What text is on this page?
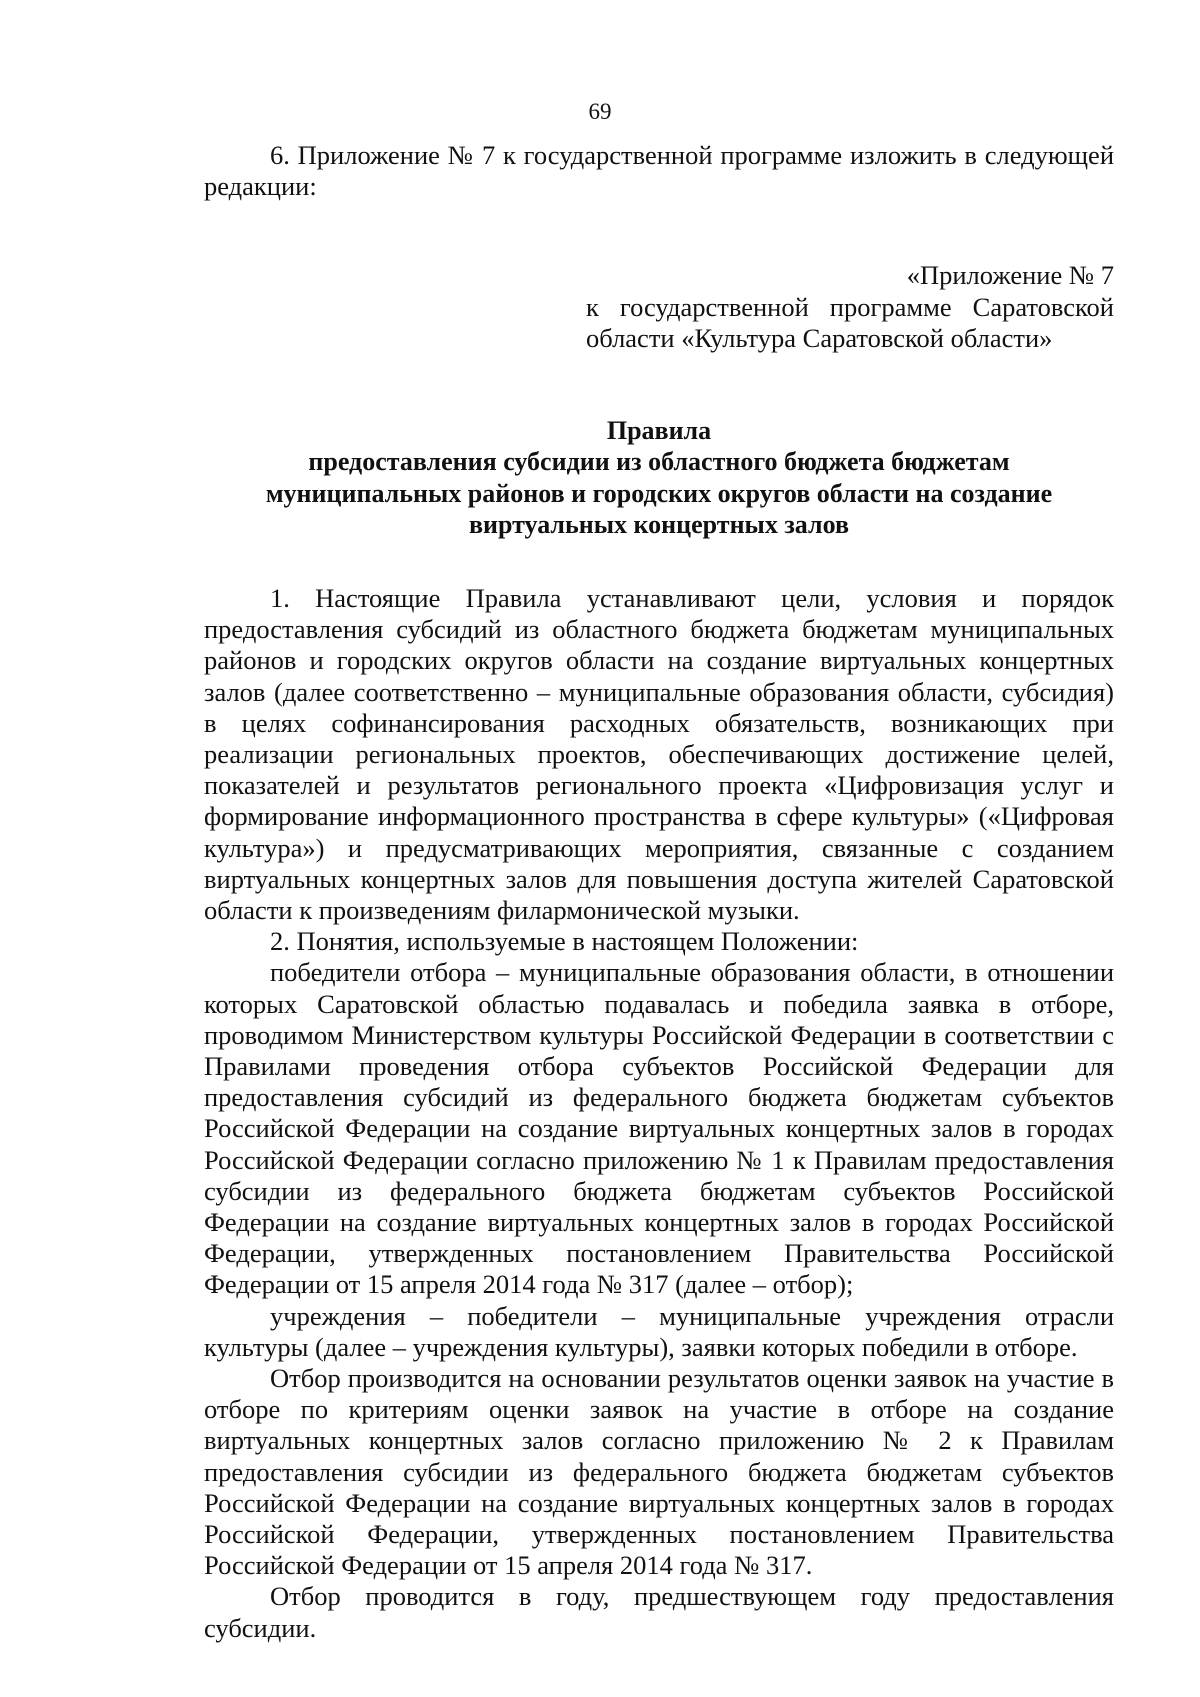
69

6. Приложение № 7 к государственной программе изложить в следующей редакции:

«Приложение № 7
к государственной программе Саратовской области «Культура Саратовской области»
Правила
предоставления субсидии из областного бюджета бюджетам
муниципальных районов и городских округов области на создание
виртуальных концертных залов

1. Настоящие Правила устанавливают цели, условия и порядок предоставления субсидий из областного бюджета бюджетам муниципальных районов и городских округов области на создание виртуальных концертных залов (далее соответственно – муниципальные образования области, субсидия) в целях софинансирования расходных обязательств, возникающих при реализации региональных проектов, обеспечивающих достижение целей, показателей и результатов регионального проекта «Цифровизация услуг и формирование информационного пространства в сфере культуры» («Цифровая культура») и предусматривающих мероприятия, связанные с созданием виртуальных концертных залов для повышения доступа жителей Саратовской области к произведениям филармонической музыки.

2. Понятия, используемые в настоящем Положении:

победители отбора – муниципальные образования области, в отношении которых Саратовской областью подавалась и победила заявка в отборе, проводимом Министерством культуры Российской Федерации в соответствии с Правилами проведения отбора субъектов Российской Федерации для предоставления субсидий из федерального бюджета бюджетам субъектов Российской Федерации на создание виртуальных концертных залов в городах Российской Федерации согласно приложению № 1 к Правилам предоставления субсидии из федерального бюджета бюджетам субъектов Российской Федерации на создание виртуальных концертных залов в городах Российской Федерации, утвержденных постановлением Правительства Российской Федерации от 15 апреля 2014 года № 317 (далее – отбор);

учреждения – победители – муниципальные учреждения отрасли культуры (далее – учреждения культуры), заявки которых победили в отборе.

Отбор производится на основании результатов оценки заявок на участие в отборе по критериям оценки заявок на участие в отборе на создание виртуальных концертных залов согласно приложению № 2 к Правилам предоставления субсидии из федерального бюджета бюджетам субъектов Российской Федерации на создание виртуальных концертных залов в городах Российской Федерации, утвержденных постановлением Правительства Российской Федерации от 15 апреля 2014 года № 317.

Отбор проводится в году, предшествующем году предоставления субсидии.
